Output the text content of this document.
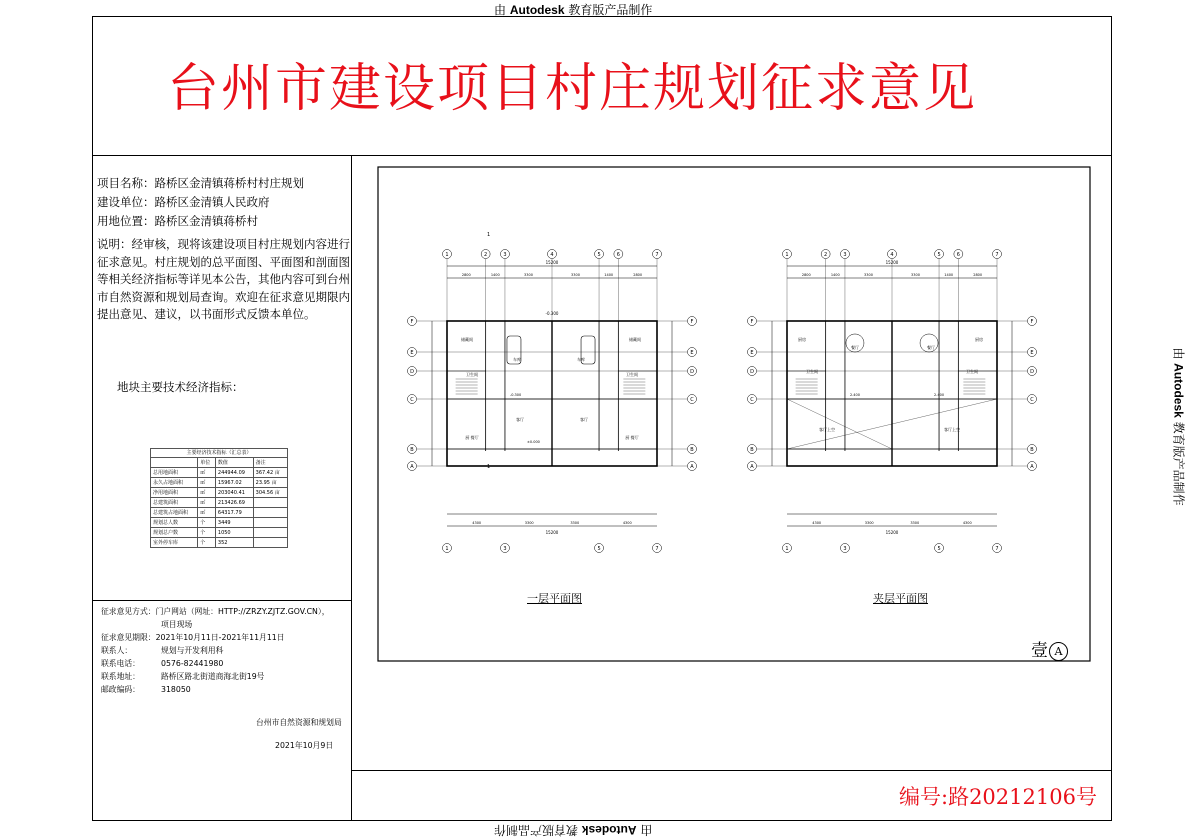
由 Autodesk 教育版产品制作
由 Autodesk 教育版产品制作
由 Autodesk 教育版产品制作
台州市建设项目村庄规划征求意见
项目名称：路桥区金清镇蒋桥村村庄规划
建设单位：路桥区金清镇人民政府
用地位置：路桥区金清镇蒋桥村
说明：经审核，现将该建设项目村庄规划内容进行征求意见。村庄规划的总平面图、平面图和剖面图等相关经济指标等详见本公告，其他内容可到台州市自然资源和规划局查询。欢迎在征求意见期限内提出意见、建议，以书面形式反馈本单位。
地块主要技术经济指标：
主要经济技术指标（汇总表）
	单位	数值	备注
总用地面积	㎡	244944.09	367.42 亩
永久占地面积	㎡	15967.02	23.95 亩
净用地面积	㎡	203040.41	304.56 亩
总建筑面积	㎡	213426.69	
总建筑占地面积	㎡	64317.79	
规划总人数	个	3449	
规划总户数	个	1050	
室外停车库	个	352	
征求意见方式：门户网站（网址：HTTP://ZRZY.ZJTZ.GOV.CN），
项目现场
征求意见期限：2021年10月11日-2021年11月11日
联系人：	规划与开发利用科
联系电话：	0576-82441980
联系地址：	路桥区路北街道商海北街19号
邮政编码：	318050
台州市自然资源和规划局
2021年10月9日
15200
1	2	3	4	5	6	7
2800	1400	3300	3300	1400	2800
4300	3300	3300	4300
15200
1	3	5	7
F	F
E	E
D	D
C	C
B	B
A	A
储藏间
车库	车库
储藏间
卫生间	卫生间
客厅	客厅
厨 餐厅	厨 餐厅
-0.300
-0.300
±0.000
1
1
15200
1	2	3	4	5	6	7
2800	1400	3300	3300	1400	2800
4300	3300	3300	4300
15200
1	3	5	7
F	F
E	E
D	D
C	C
B	B
A	A
厨房
餐厅	餐厅
厨房
卫生间	卫生间
客厅上空	客厅上空
2.400	2.400
一层平面图	夹层平面图
壹 A
编号:路20212106号
